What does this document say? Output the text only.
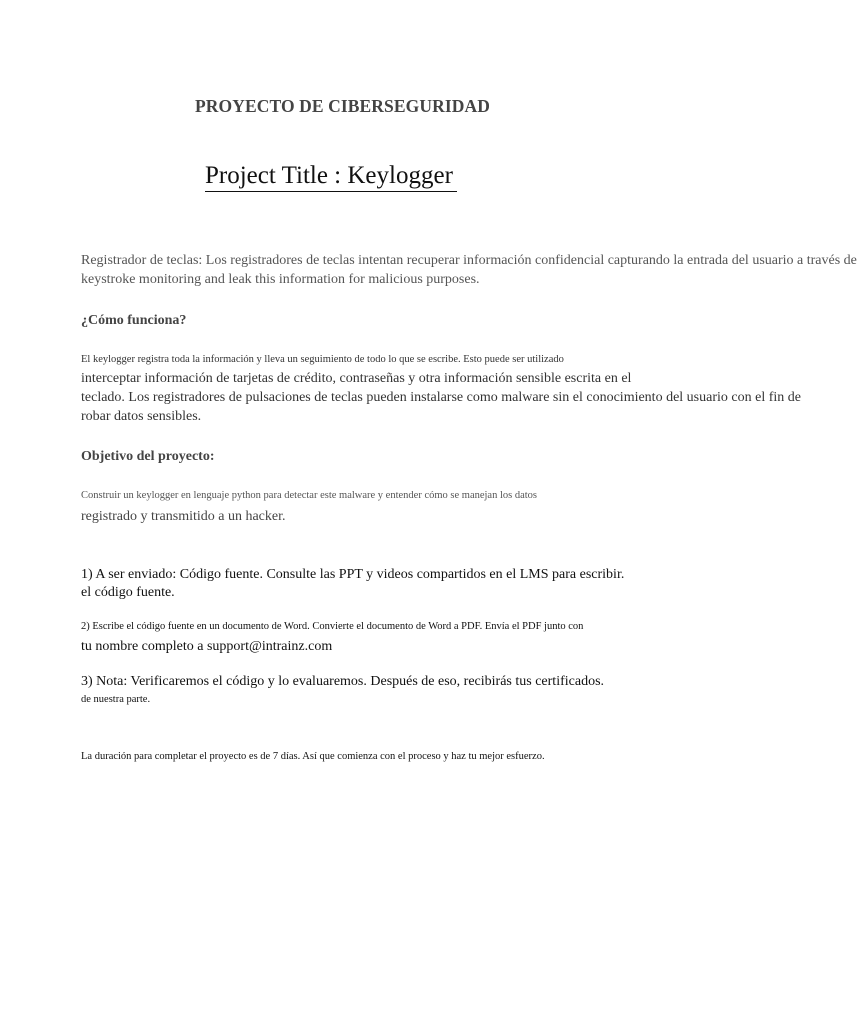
PROYECTO DE CIBERSEGURIDAD

Project Title : Keylogger

Registrador de teclas: Los registradores de teclas intentan recuperar información confidencial capturando la entrada del usuario a través de

keystroke monitoring and leak this information for malicious purposes.

¿Cómo funciona?

El keylogger registra toda la información y lleva un seguimiento de todo lo que se escribe. Esto puede ser utilizado

interceptar información de tarjetas de crédito, contraseñas y otra información sensible escrita en el

teclado. Los registradores de pulsaciones de teclas pueden instalarse como malware sin el conocimiento del usuario con el fin de

robar datos sensibles.

Objetivo del proyecto:

Construir un keylogger en lenguaje python para detectar este malware y entender cómo se manejan los datos

registrado y transmitido a un hacker.

1) A ser enviado: Código fuente. Consulte las PPT y videos compartidos en el LMS para escribir.

el código fuente.

2) Escribe el código fuente en un documento de Word. Convierte el documento de Word a PDF. Envía el PDF junto con

tu nombre completo a support@intrainz.com

3) Nota: Verificaremos el código y lo evaluaremos. Después de eso, recibirás tus certificados.

de nuestra parte.

La duración para completar el proyecto es de 7 días. Así que comienza con el proceso y haz tu mejor esfuerzo.
